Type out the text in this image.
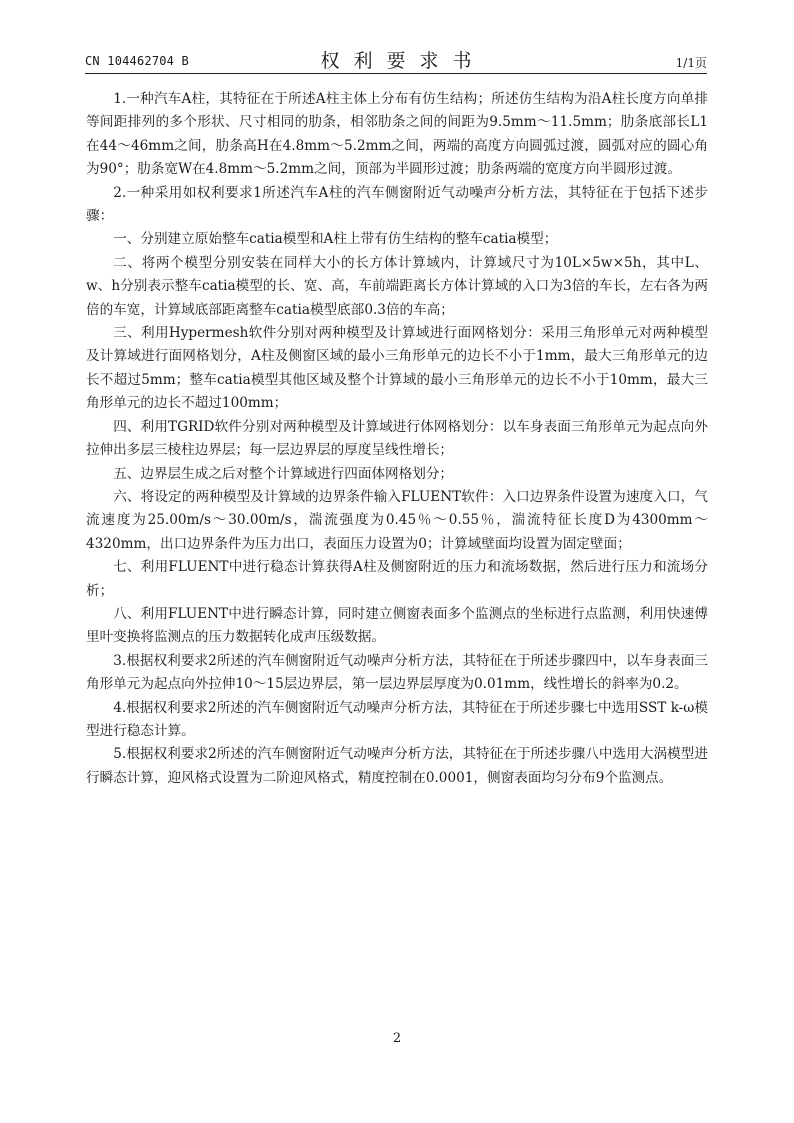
CN 104462704 B	权利要求书	1/1页

1.一种汽车A柱，其特征在于所述A柱主体上分布有仿生结构；所述仿生结构为沿A柱长度方向单排等间距排列的多个形状、尺寸相同的肋条，相邻肋条之间的间距为9.5mm～11.5mm；肋条底部长L1在44～46mm之间，肋条高H在4.8mm～5.2mm之间，两端的高度方向圆弧过渡，圆弧对应的圆心角为90°；肋条宽W在4.8mm～5.2mm之间，顶部为半圆形过渡；肋条两端的宽度方向半圆形过渡。

2.一种采用如权利要求1所述汽车A柱的汽车侧窗附近气动噪声分析方法，其特征在于包括下述步骤：

一、分别建立原始整车catia模型和A柱上带有仿生结构的整车catia模型；

二、将两个模型分别安装在同样大小的长方体计算域内，计算域尺寸为10L×5w×5h，其中L、w、h分别表示整车catia模型的长、宽、高，车前端距离长方体计算域的入口为3倍的车长，左右各为两倍的车宽，计算域底部距离整车catia模型底部0.3倍的车高；

三、利用Hypermesh软件分别对两种模型及计算域进行面网格划分：采用三角形单元对两种模型及计算域进行面网格划分，A柱及侧窗区域的最小三角形单元的边长不小于1mm，最大三角形单元的边长不超过5mm；整车catia模型其他区域及整个计算域的最小三角形单元的边长不小于10mm，最大三角形单元的边长不超过100mm；

四、利用TGRID软件分别对两种模型及计算域进行体网格划分：以车身表面三角形单元为起点向外拉伸出多层三棱柱边界层；每一层边界层的厚度呈线性增长；

五、边界层生成之后对整个计算域进行四面体网格划分；

六、将设定的两种模型及计算域的边界条件输入FLUENT软件：入口边界条件设置为速度入口，气流速度为25.00m/s～30.00m/s，湍流强度为0.45％～0.55％，湍流特征长度D为4300mm～4320mm，出口边界条件为压力出口，表面压力设置为0；计算域壁面均设置为固定壁面；

七、利用FLUENT中进行稳态计算获得A柱及侧窗附近的压力和流场数据，然后进行压力和流场分析；

八、利用FLUENT中进行瞬态计算，同时建立侧窗表面多个监测点的坐标进行点监测，利用快速傅里叶变换将监测点的压力数据转化成声压级数据。

3.根据权利要求2所述的汽车侧窗附近气动噪声分析方法，其特征在于所述步骤四中，以车身表面三角形单元为起点向外拉伸10～15层边界层，第一层边界层厚度为0.01mm，线性增长的斜率为0.2。

4.根据权利要求2所述的汽车侧窗附近气动噪声分析方法，其特征在于所述步骤七中选用SST k-ω模型进行稳态计算。

5.根据权利要求2所述的汽车侧窗附近气动噪声分析方法，其特征在于所述步骤八中选用大涡模型进行瞬态计算，迎风格式设置为二阶迎风格式，精度控制在0.0001，侧窗表面均匀分布9个监测点。

2
